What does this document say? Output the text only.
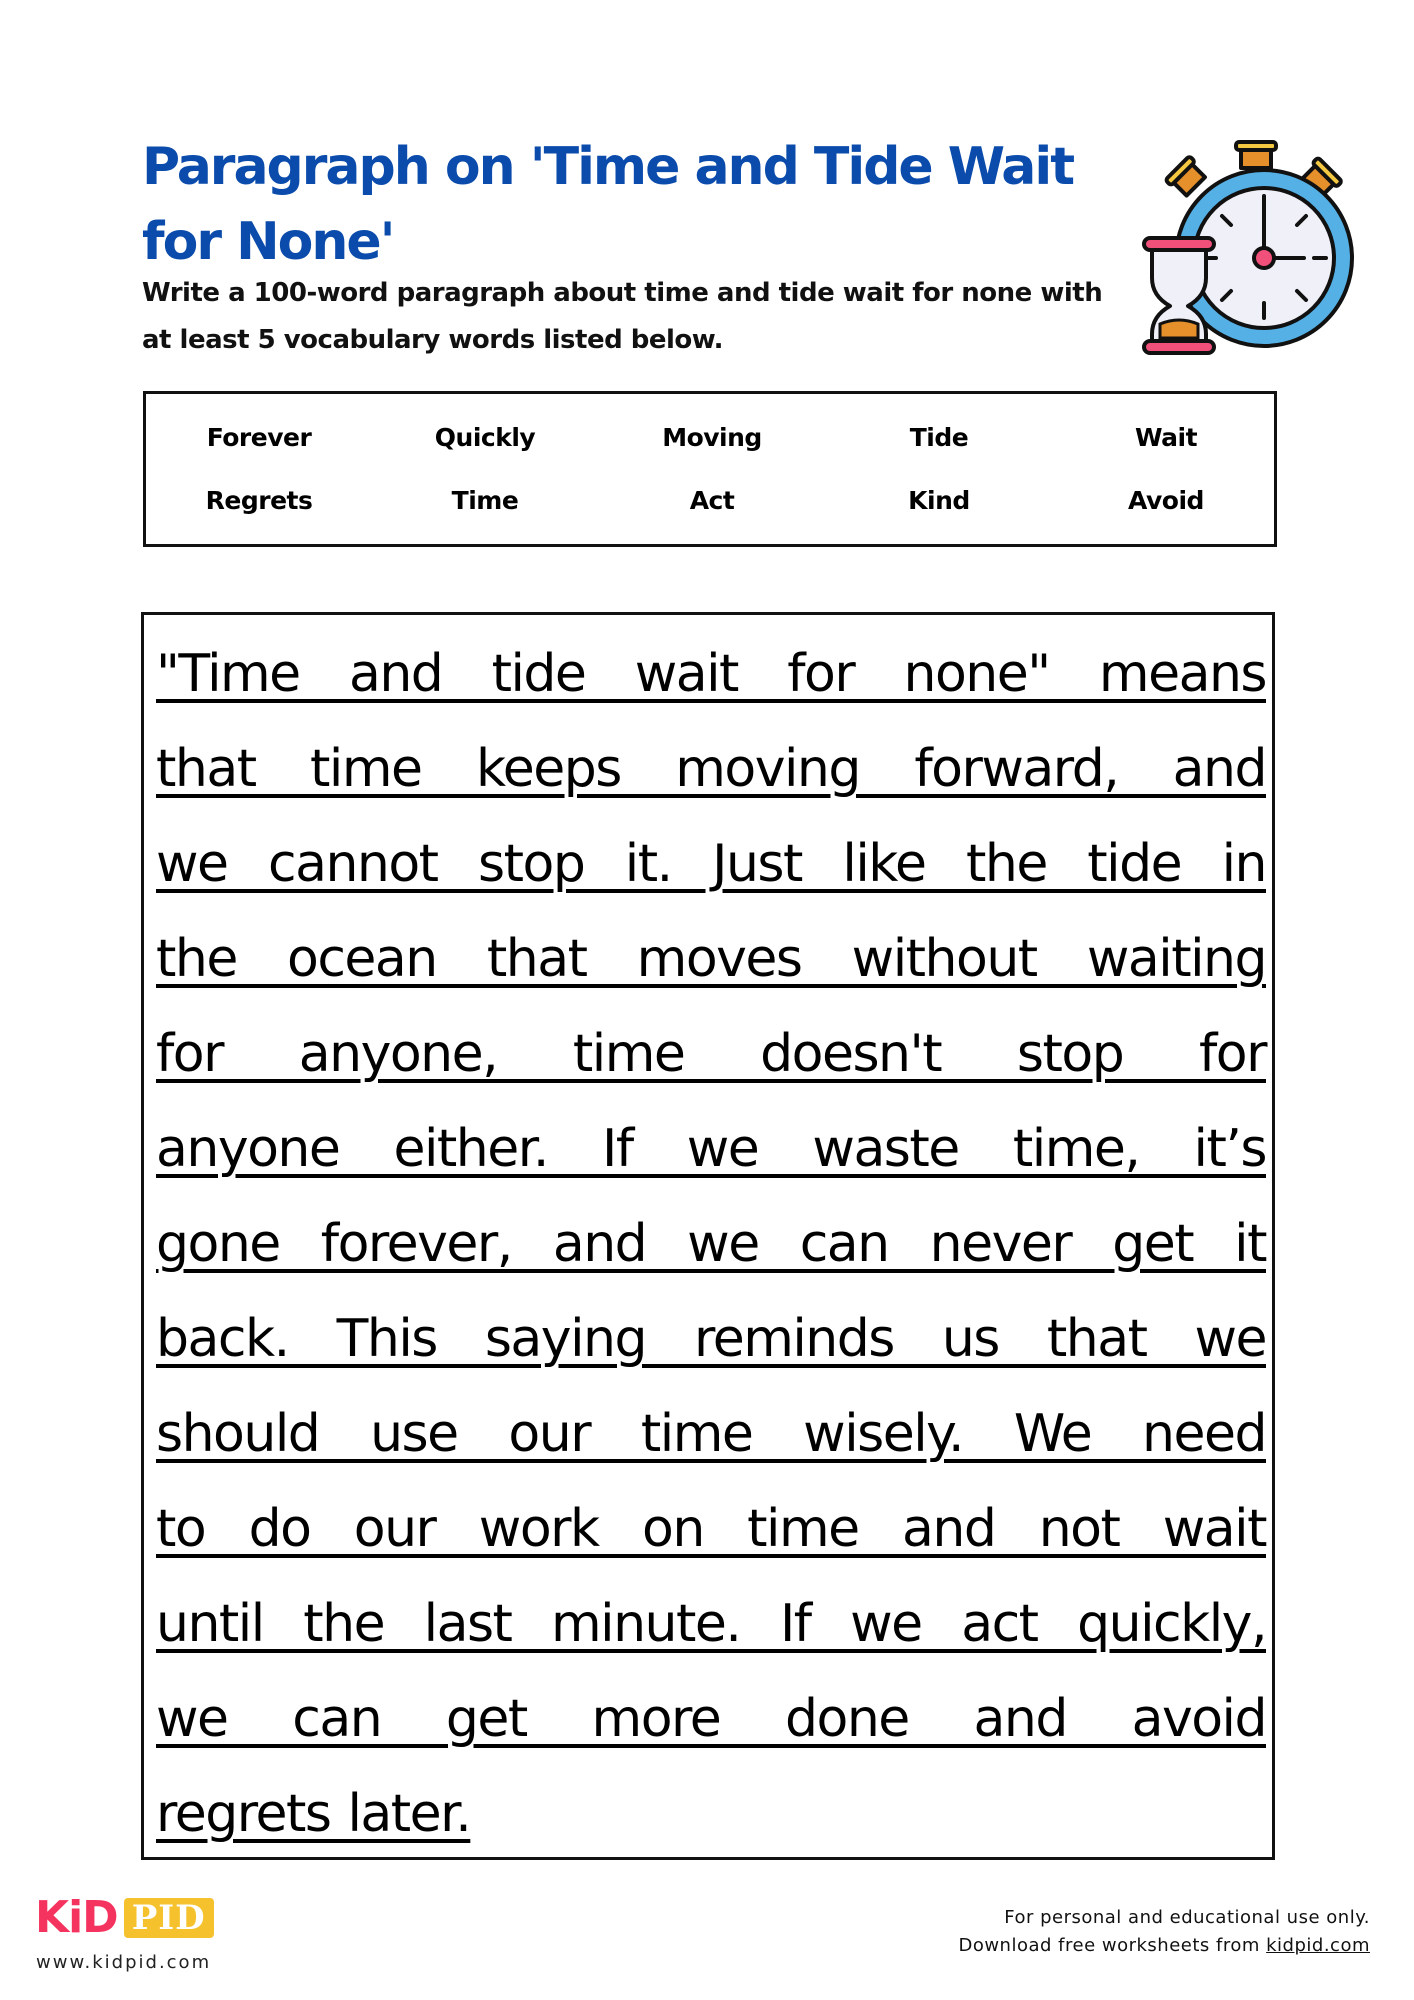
Paragraph on 'Time and Tide Wait for None'

Write a 100-word paragraph about time and tide wait for none with at least 5 vocabulary words listed below.

Forever	Quickly	Moving	Tide	Wait
Regrets	Time	Act	Kind	Avoid
"Time and tide wait for none" means
that time keeps moving forward, and
we cannot stop it. Just like the tide in
the ocean that moves without waiting
for anyone, time doesn't stop for
anyone either. If we waste time, it’s
gone forever, and we can never get it
back. This saying reminds us that we
should use our time wisely. We need
to do our work on time and not wait
until the last minute. If we act quickly,
we can get more done and avoid
regrets later.
KiD PID
www.kidpid.com
For personal and educational use only.
Download free worksheets from kidpid.com
